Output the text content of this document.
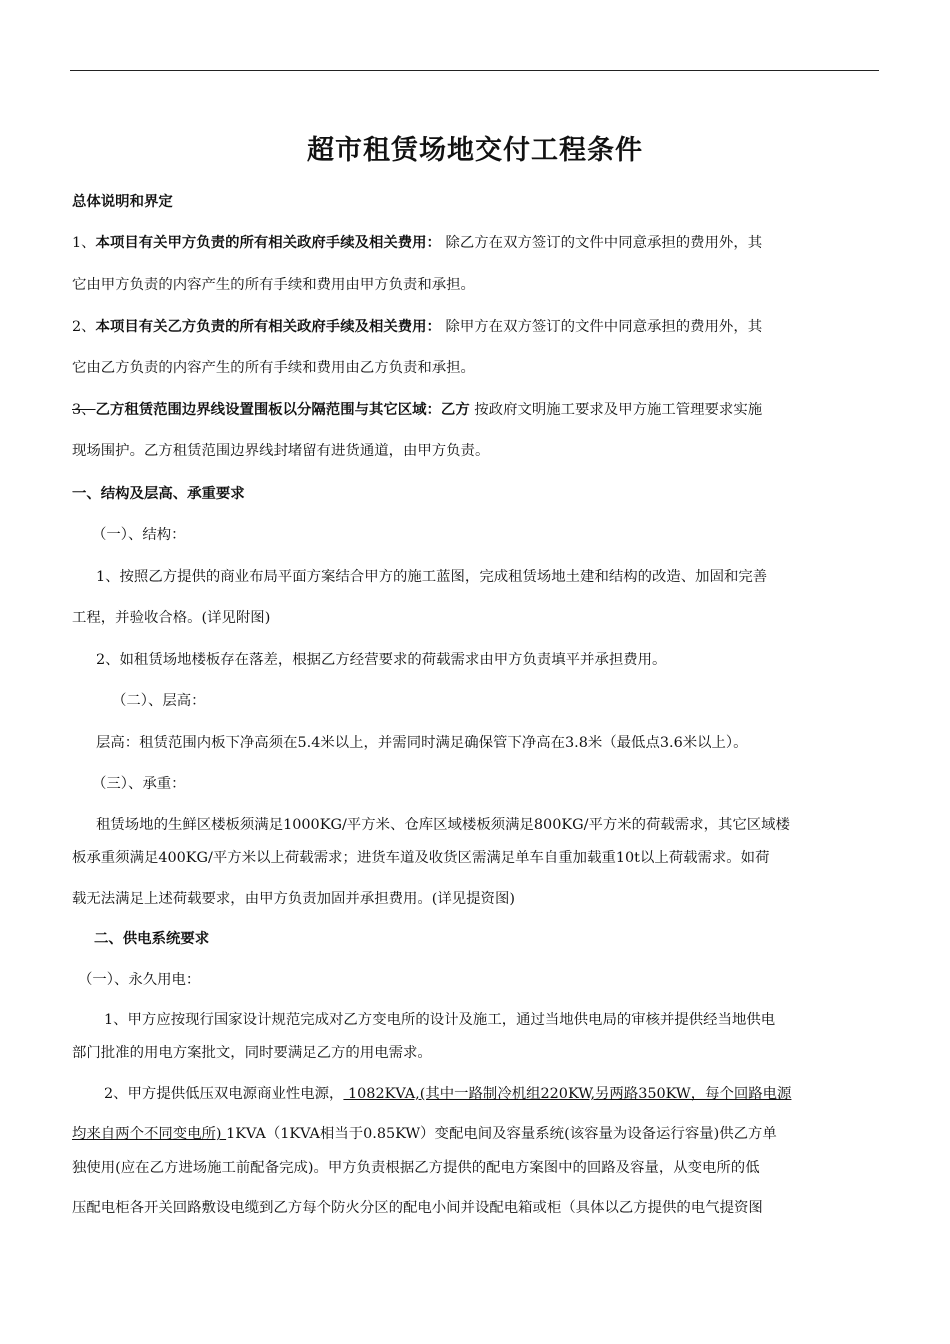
超市租赁场地交付工程条件
总体说明和界定
1、本项目有关甲方负责的所有相关政府手续及相关费用： 除乙方在双方签订的文件中同意承担的费用外，其
它由甲方负责的内容产生的所有手续和费用由甲方负责和承担。
2、本项目有关乙方负责的所有相关政府手续及相关费用： 除甲方在双方签订的文件中同意承担的费用外，其
它由乙方负责的内容产生的所有手续和费用由乙方负责和承担。
3、乙方租赁范围边界线设置围板以分隔范围与其它区域：乙方 按政府文明施工要求及甲方施工管理要求实施
现场围护。乙方租赁范围边界线封堵留有进货通道，由甲方负责。
一、结构及层高、承重要求
（一）、结构：
1、按照乙方提供的商业布局平面方案结合甲方的施工蓝图，完成租赁场地土建和结构的改造、加固和完善
工程，并验收合格。(详见附图)
2、如租赁场地楼板存在落差，根据乙方经营要求的荷载需求由甲方负责填平并承担费用。
（二）、层高：
层高：租赁范围内板下净高须在5.4米以上，并需同时满足确保管下净高在3.8米（最低点3.6米以上）。
（三）、承重：
租赁场地的生鲜区楼板须满足1000KG/平方米、仓库区域楼板须满足800KG/平方米的荷载需求，其它区域楼
板承重须满足400KG/平方米以上荷载需求；进货车道及收货区需满足单车自重加载重10t以上荷载需求。如荷
载无法满足上述荷载要求，由甲方负责加固并承担费用。(详见提资图)
二、供电系统要求
（一）、永久用电：
1、甲方应按现行国家设计规范完成对乙方变电所的设计及施工，通过当地供电局的审核并提供经当地供电
部门批准的用电方案批文，同时要满足乙方的用电需求。
2、甲方提供低压双电源商业性电源， 1082KVA,(其中一路制冷机组220KW,另两路350KW，每个回路电源
均来自两个不同变电所) 1KVA（1KVA相当于0.85KW）变配电间及容量系统(该容量为设备运行容量)供乙方单
独使用(应在乙方进场施工前配备完成)。甲方负责根据乙方提供的配电方案图中的回路及容量，从变电所的低
压配电柜各开关回路敷设电缆到乙方每个防火分区的配电小间并设配电箱或柜（具体以乙方提供的电气提资图
